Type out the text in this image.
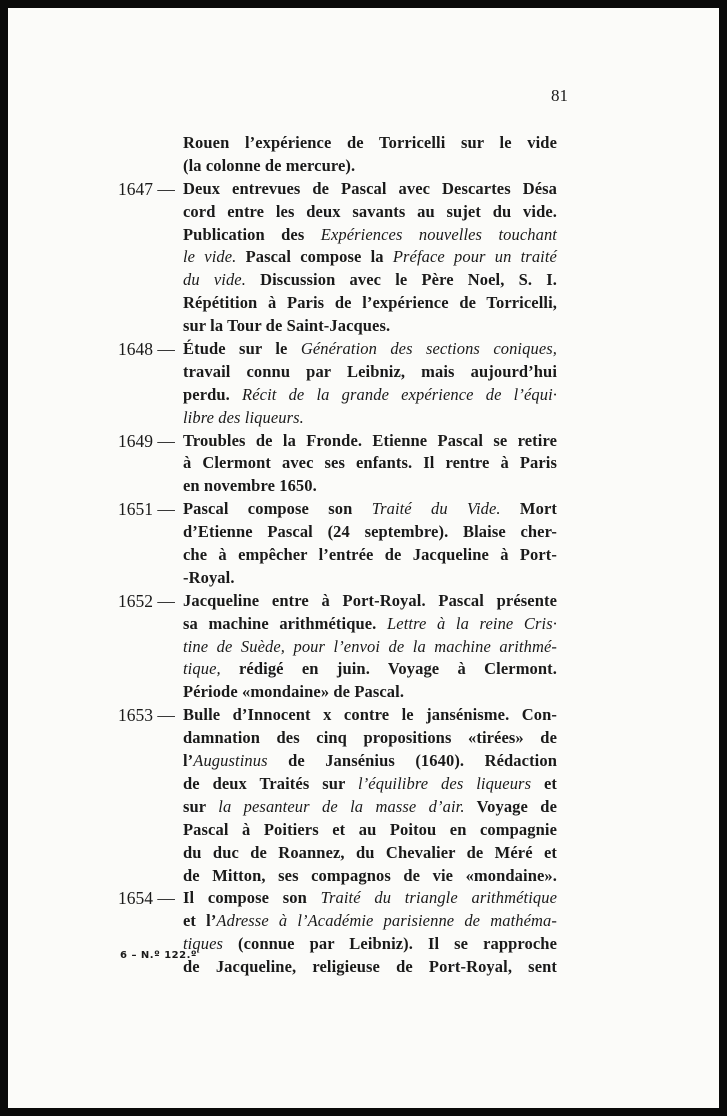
81
Rouen l’expérience de Torricelli sur le vide
(la colonne de mercure).
1647 — Deux entrevues de Pascal avec Descartes Désa
cord entre les deux savants au sujet du vide.
Publication des Expériences nouvelles touchant
le vide. Pascal compose la Préface pour un traité
du vide. Discussion avec le Père Noel, S. I.
Répétition à Paris de l’expérience de Torricelli,
sur la Tour de Saint-Jacques.
1648 — Étude sur le Génération des sections coniques,
travail connu par Leibniz, mais aujourd’hui
perdu. Récit de la grande expérience de l’équi·
libre des liqueurs.
1649 — Troubles de la Fronde. Etienne Pascal se retire
à Clermont avec ses enfants. Il rentre à Paris
en novembre 1650.
1651 — Pascal compose son Traité du Vide. Mort
d’Etienne Pascal (24 septembre). Blaise cher-
che à empêcher l’entrée de Jacqueline à Port-
-Royal.
1652 — Jacqueline entre à Port-Royal. Pascal présente
sa machine arithmétique. Lettre à la reine Cris·
tine de Suède, pour l’envoi de la machine arithmé-
tique, rédigé en juin. Voyage à Clermont.
Période «mondaine» de Pascal.
1653 — Bulle d’Innocent x contre le jansénisme. Con-
damnation des cinq propositions «tirées» de
l’Augustinus de Jansénius (1640). Rédaction
de deux Traités sur l’équilibre des liqueurs et
sur la pesanteur de la masse d’air. Voyage de
Pascal à Poitiers et au Poitou en compagnie
du duc de Roannez, du Chevalier de Méré et
de Mitton, ses compagnos de vie «mondaine».
1654 — Il compose son Traité du triangle arithmétique
et l’Adresse à l’Académie parisienne de mathéma-
tiques (connue par Leibniz). Il se rapproche
de Jacqueline, religieuse de Port-Royal, sent
6 – N.º 122.º
